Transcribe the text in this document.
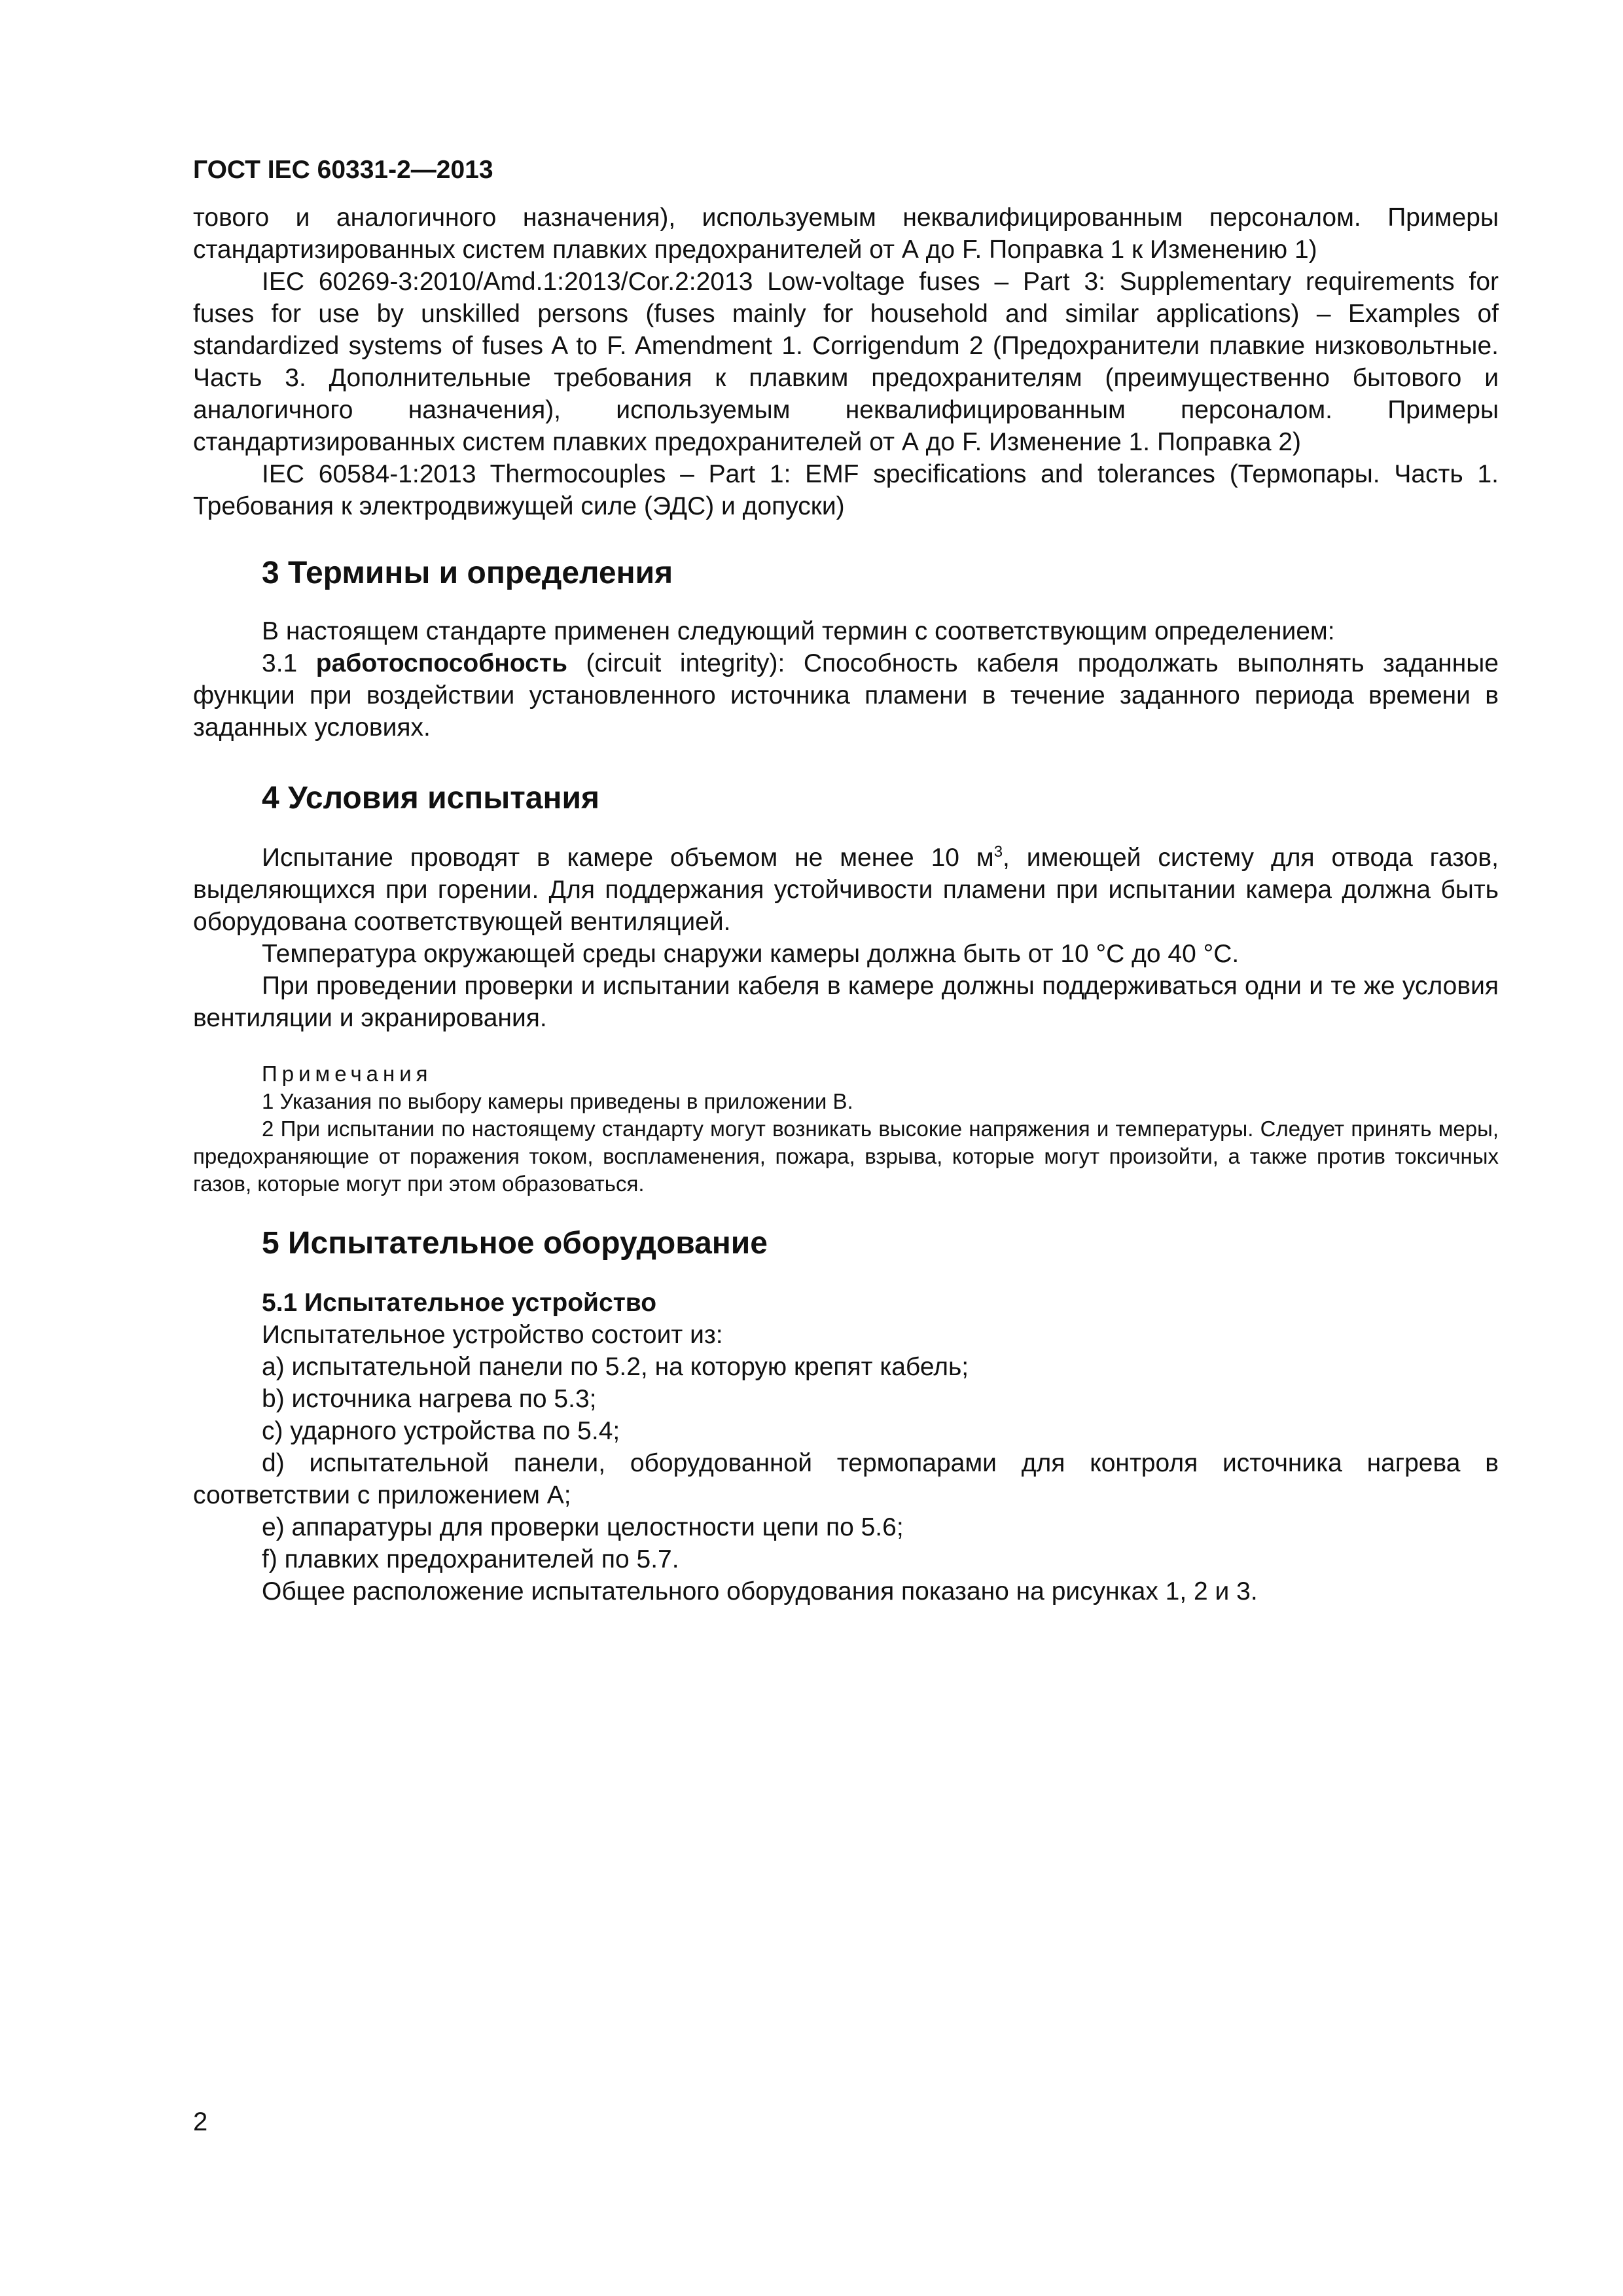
ГОСТ IEC 60331-2—2013

тового и аналогичного назначения), используемым неквалифицированным персоналом. Примеры стандартизированных систем плавких предохранителей от А до F. Поправка 1 к Изменению 1)

IEC 60269-3:2010/Amd.1:2013/Cor.2:2013 Low-voltage fuses – Part 3: Supplementary requirements for fuses for use by unskilled persons (fuses mainly for household and similar applications) – Examples of standardized systems of fuses A to F. Amendment 1. Corrigendum 2 (Предохранители плавкие низковольтные. Часть 3. Дополнительные требования к плавким предохранителям (преимущественно бытового и аналогичного назначения), используемым неквалифицированным персоналом. Примеры стандартизированных систем плавких предохранителей от А до F. Изменение 1. Поправка 2)

IEC 60584-1:2013 Thermocouples – Part 1: EMF specifications and tolerances (Термопары. Часть 1. Требования к электродвижущей силе (ЭДС) и допуски)

3 Термины и определения

В настоящем стандарте применен следующий термин с соответствующим определением:

3.1 работоспособность (circuit integrity): Способность кабеля продолжать выполнять заданные функции при воздействии установленного источника пламени в течение заданного периода времени в заданных условиях.

4 Условия испытания

Испытание проводят в камере объемом не менее 10 $м^3$, имеющей систему для отвода газов, выделяющихся при горении. Для поддержания устойчивости пламени при испытании камера должна быть оборудована соответствующей вентиляцией.

Температура окружающей среды снаружи камеры должна быть от 10 °С до 40 °С.

При проведении проверки и испытании кабеля в камере должны поддерживаться одни и те же условия вентиляции и экранирования.

Примечания

1 Указания по выбору камеры приведены в приложении В.

2 При испытании по настоящему стандарту могут возникать высокие напряжения и температуры. Следует принять меры, предохраняющие от поражения током, воспламенения, пожара, взрыва, которые могут произойти, а также против токсичных газов, которые могут при этом образоваться.

5 Испытательное оборудование
5.1 Испытательное устройство

Испытательное устройство состоит из:

a) испытательной панели по 5.2, на которую крепят кабель;

b) источника нагрева по 5.3;

c) ударного устройства по 5.4;

d) испытательной панели, оборудованной термопарами для контроля источника нагрева в соответствии с приложением А;

e) аппаратуры для проверки целостности цепи по 5.6;

f) плавких предохранителей по 5.7.

Общее расположение испытательного оборудования показано на рисунках 1, 2 и 3.

2
